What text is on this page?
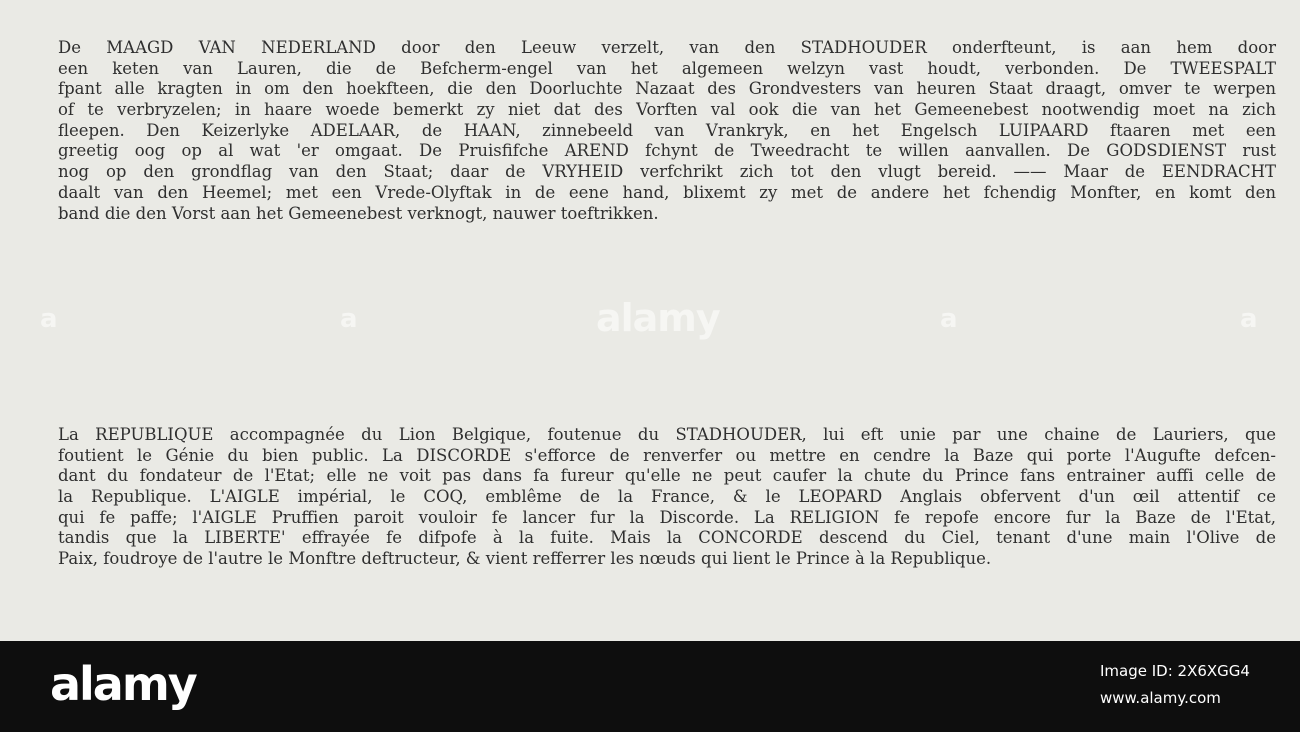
De MAAGD VAN NEDERLAND door den Leeuw verzelt, van den STADHOUDER onderfteunt, is aan hem door
een keten van Lauren, die de Befcherm-engel van het algemeen welzyn vast houdt, verbonden. De TWEESPALT
fpant alle kragten in om den hoekfteen, die den Doorluchte Nazaat des Grondvesters van heuren Staat draagt, omver te werpen
of te verbryzelen; in haare woede bemerkt zy niet dat des Vorften val ook die van het Gemeenebest nootwendig moet na zich
fleepen. Den Keizerlyke ADELAAR, de HAAN, zinnebeeld van Vrankryk, en het Engelsch LUIPAARD ftaaren met een
greetig oog op al wat 'er omgaat. De Pruisfifche AREND fchynt de Tweedracht te willen aanvallen. De GODSDIENST rust
nog op den grondflag van den Staat; daar de VRYHEID verfchrikt zich tot den vlugt bereid. —— Maar de EENDRACHT
daalt van den Heemel; met een Vrede-Olyftak in de eene hand, blixemt zy met de andere het fchendig Monfter, en komt den
band die den Vorst aan het Gemeenebest verknogt, nauwer toeftrikken.
La REPUBLIQUE accompagnée du Lion Belgique, foutenue du STADHOUDER, lui eft unie par une chaine de Lauriers, que
foutient le Génie du bien public. La DISCORDE s'efforce de renverfer ou mettre en cendre la Baze qui porte l'Augufte defcen-
dant du fondateur de l'Etat; elle ne voit pas dans fa fureur qu'elle ne peut caufer la chute du Prince fans entrainer auffi celle de
la Republique. L'AIGLE impérial, le COQ, emblême de la France, & le LEOPARD Anglais obfervent d'un œil attentif ce
qui fe paffe; l'AIGLE Pruffien paroit vouloir fe lancer fur la Discorde. La RELIGION fe repofe encore fur la Baze de l'Etat,
tandis que la LIBERTE' effrayée fe difpofe à la fuite. Mais la CONCORDE descend du Ciel, tenant d'une main l'Olive de
Paix, foudroye de l'autre le Monftre deftructeur, & vient refferrer les nœuds qui lient le Prince à la Republique.
alamy
a	a	a	a
alamy	Image ID: 2X6XGG4
www.alamy.com
